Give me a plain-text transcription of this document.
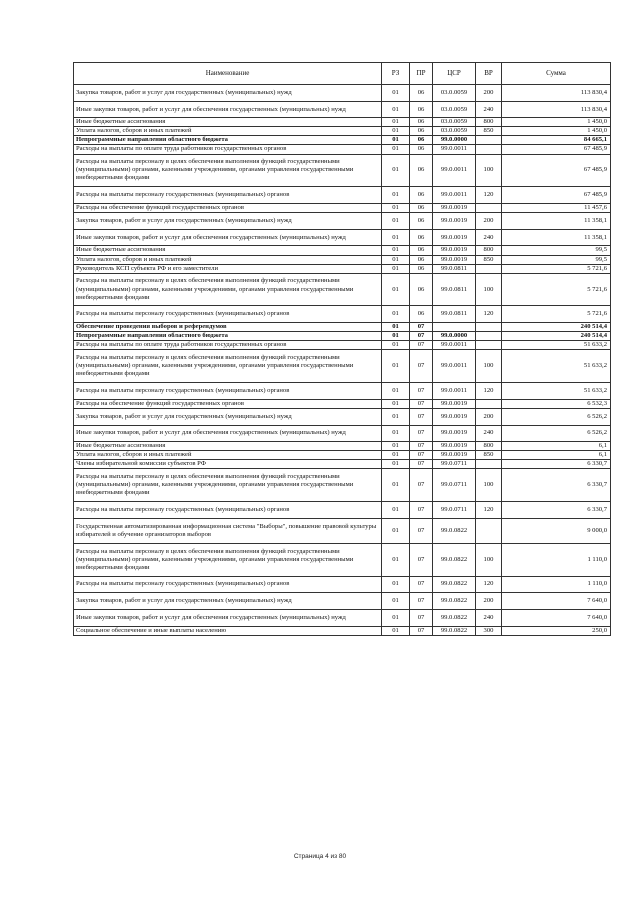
Наименование	РЗ	ПР	ЦСР	ВР	Сумма
Закупка товаров, работ и услуг для государственных (муниципальных) нужд	01	06	03.0.0059	200	113 830,4
Иные закупки товаров, работ и услуг для обеспечения государственных (муниципальных) нужд	01	06	03.0.0059	240	113 830,4
Иные бюджетные ассигнования	01	06	03.0.0059	800	1 450,0
Уплата налогов, сборов и иных платежей	01	06	03.0.0059	850	1 450,0
Непрограммные направления областного бюджета	01	06	99.0.0000		84 665,1
Расходы на выплаты по оплате труда работников государственных органов	01	06	99.0.0011		67 485,9
Расходы на выплаты персоналу в целях обеспечения выполнения функций государственными (муниципальными) органами, казенными учреждениями, органами управления государственными внебюджетными фондами	01	06	99.0.0011	100	67 485,9
Расходы на выплаты персоналу государственных (муниципальных) органов	01	06	99.0.0011	120	67 485,9
Расходы на обеспечение функций государственных органов	01	06	99.0.0019		11 457,6
Закупка товаров, работ и услуг для государственных (муниципальных) нужд	01	06	99.0.0019	200	11 358,1
Иные закупки товаров, работ и услуг для обеспечения государственных (муниципальных) нужд	01	06	99.0.0019	240	11 358,1
Иные бюджетные ассигнования	01	06	99.0.0019	800	99,5
Уплата налогов, сборов и иных платежей	01	06	99.0.0019	850	99,5
Руководитель КСП субъекта РФ и его заместители	01	06	99.0.0811		5 721,6
Расходы на выплаты персоналу в целях обеспечения выполнения функций государственными (муниципальными) органами, казенными учреждениями, органами управления государственными внебюджетными фондами	01	06	99.0.0811	100	5 721,6
Расходы на выплаты персоналу государственных (муниципальных) органов	01	06	99.0.0811	120	5 721,6
Обеспечение проведения выборов и референдумов	01	07			240 514,4
Непрограммные направления областного бюджета	01	07	99.0.0000		240 514,4
Расходы на выплаты по оплате труда работников государственных органов	01	07	99.0.0011		51 633,2
Расходы на выплаты персоналу в целях обеспечения выполнения функций государственными (муниципальными) органами, казенными учреждениями, органами управления государственными внебюджетными фондами	01	07	99.0.0011	100	51 633,2
Расходы на выплаты персоналу государственных (муниципальных) органов	01	07	99.0.0011	120	51 633,2
Расходы на обеспечение функций государственных органов	01	07	99.0.0019		6 532,3
Закупка товаров, работ и услуг для государственных (муниципальных) нужд	01	07	99.0.0019	200	6 526,2
Иные закупки товаров, работ и услуг для обеспечения государственных (муниципальных) нужд	01	07	99.0.0019	240	6 526,2
Иные бюджетные ассигнования	01	07	99.0.0019	800	6,1
Уплата налогов, сборов и иных платежей	01	07	99.0.0019	850	6,1
Члены избирательной комиссии субъектов РФ	01	07	99.0.0711		6 330,7
Расходы на выплаты персоналу в целях обеспечения выполнения функций государственными (муниципальными) органами, казенными учреждениями, органами управления государственными внебюджетными фондами	01	07	99.0.0711	100	6 330,7
Расходы на выплаты персоналу государственных (муниципальных) органов	01	07	99.0.0711	120	6 330,7
Государственная автоматизированная информационная система "Выборы", повышение правовой культуры избирателей и обучение организаторов выборов	01	07	99.0.0822		9 000,0
Расходы на выплаты персоналу в целях обеспечения выполнения функций государственными (муниципальными) органами, казенными учреждениями, органами управления государственными внебюджетными фондами	01	07	99.0.0822	100	1 110,0
Расходы на выплаты персоналу государственных (муниципальных) органов	01	07	99.0.0822	120	1 110,0
Закупка товаров, работ и услуг для государственных (муниципальных) нужд	01	07	99.0.0822	200	7 640,0
Иные закупки товаров, работ и услуг для обеспечения государственных (муниципальных) нужд	01	07	99.0.0822	240	7 640,0
Социальное обеспечение и иные выплаты населению	01	07	99.0.0822	300	250,0
Страница 4 из 80
